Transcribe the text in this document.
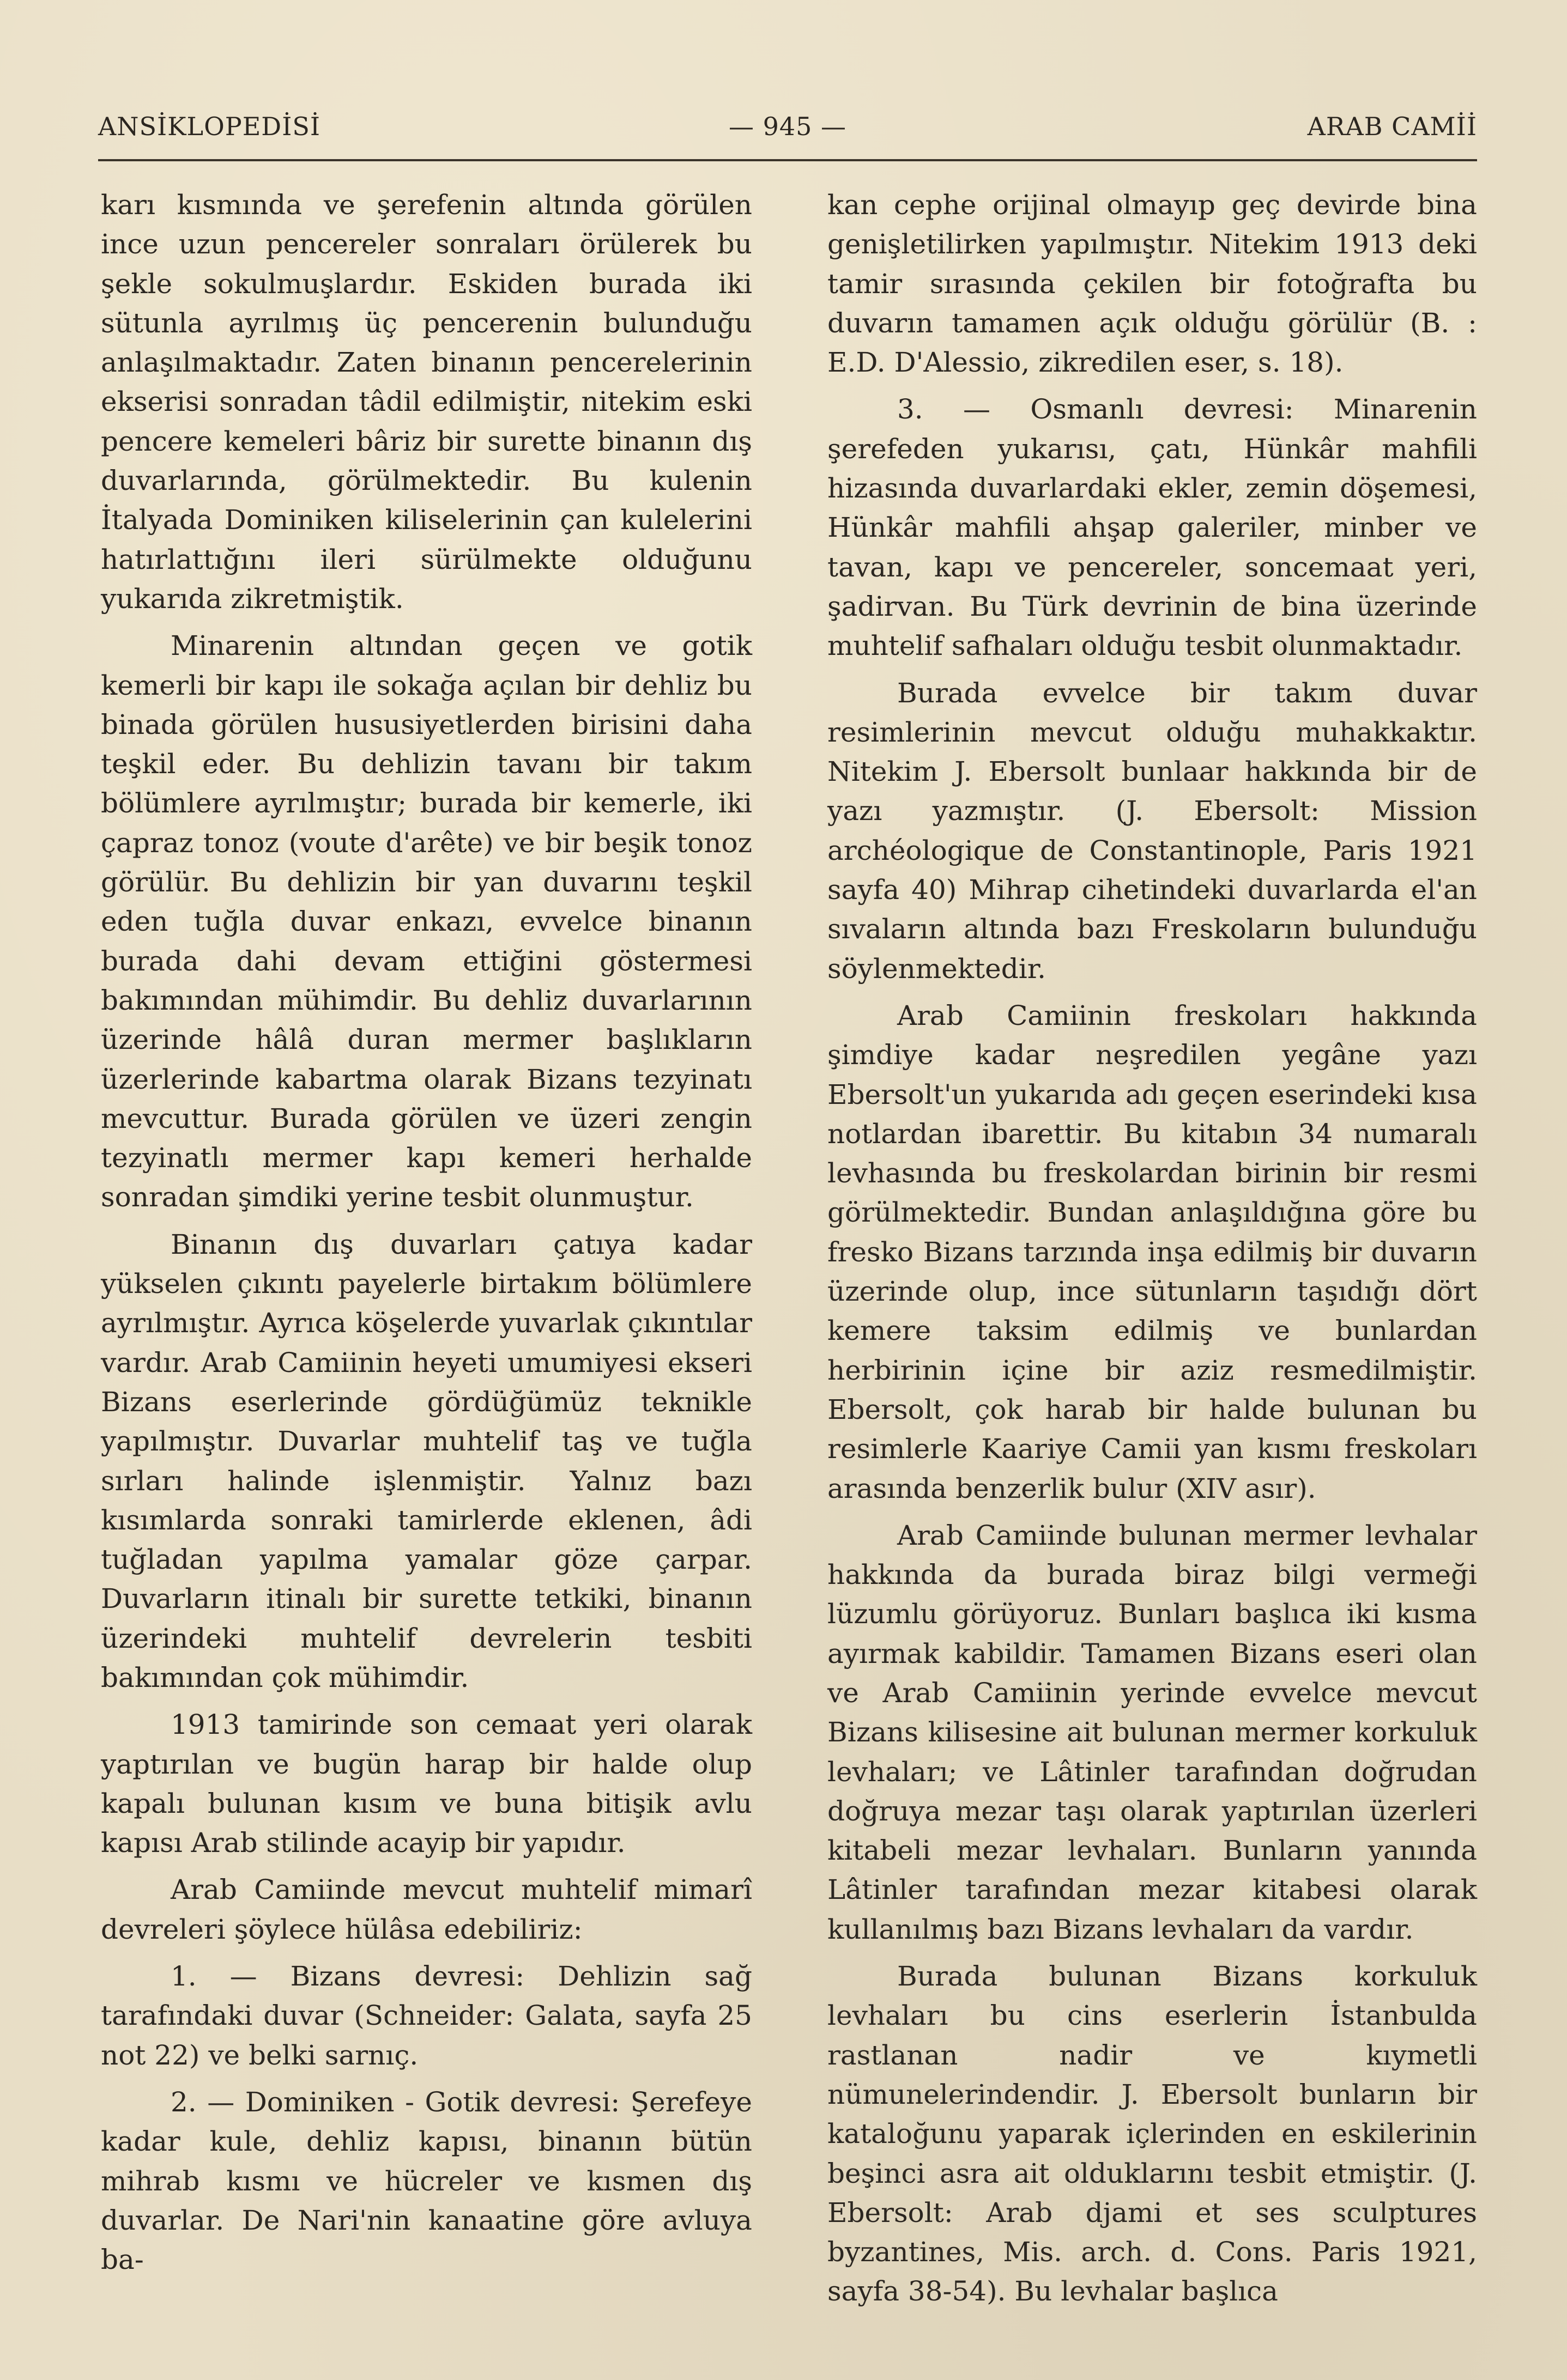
ANSİKLOPEDİSİ	— 945 —	ARAB CAMİİ

karı kısmında ve şerefenin altında görülen ince uzun pencereler sonraları örülerek bu şekle sokulmuşlardır. Eskiden burada iki sütunla ayrılmış üç pencerenin bulunduğu anlaşılmaktadır. Zaten binanın pencerelerinin ekserisi sonradan tâdil edilmiştir, nitekim eski pencere kemeleri bâriz bir surette binanın dış duvarlarında, görülmektedir. Bu kulenin İtalyada Dominiken kiliselerinin çan kulelerini hatırlattığını ileri sürülmekte olduğunu yukarıda zikretmiştik.

Minarenin altından geçen ve gotik kemerli bir kapı ile sokağa açılan bir dehliz bu binada görülen hususiyetlerden birisini daha teşkil eder. Bu dehlizin tavanı bir takım bölümlere ayrılmıştır; burada bir kemerle, iki çapraz tonoz (voute d'arête) ve bir beşik tonoz görülür. Bu dehlizin bir yan duvarını teşkil eden tuğla duvar enkazı, evvelce binanın burada dahi devam ettiğini göstermesi bakımından mühimdir. Bu dehliz duvarlarının üzerinde hâlâ duran mermer başlıkların üzerlerinde kabartma olarak Bizans tezyinatı mevcuttur. Burada görülen ve üzeri zengin tezyinatlı mermer kapı kemeri herhalde sonradan şimdiki yerine tesbit olunmuştur.

Binanın dış duvarları çatıya kadar yükselen çıkıntı payelerle birtakım bölümlere ayrılmıştır. Ayrıca köşelerde yuvarlak çıkıntılar vardır. Arab Camiinin heyeti umumiyesi ekseri Bizans eserlerinde gördüğümüz teknikle yapılmıştır. Duvarlar muhtelif taş ve tuğla sırları halinde işlenmiştir. Yalnız bazı kısımlarda sonraki tamirlerde eklenen, âdi tuğladan yapılma yamalar göze çarpar. Duvarların itinalı bir surette tetkiki, binanın üzerindeki muhtelif devrelerin tesbiti bakımından çok mühimdir.

1913 tamirinde son cemaat yeri olarak yaptırılan ve bugün harap bir halde olup kapalı bulunan kısım ve buna bitişik avlu kapısı Arab stilinde acayip bir yapıdır.

Arab Camiinde mevcut muhtelif mimarî devreleri şöylece hülâsa edebiliriz:

1. — Bizans devresi: Dehlizin sağ tarafındaki duvar (Schneider: Galata, sayfa 25 not 22) ve belki sarnıç.

2. — Dominiken - Gotik devresi: Şerefeye kadar kule, dehliz kapısı, binanın bütün mihrab kısmı ve hücreler ve kısmen dış duvarlar. De Nari'nin kanaatine göre avluya ba-

kan cephe orijinal olmayıp geç devirde bina genişletilirken yapılmıştır. Nitekim 1913 deki tamir sırasında çekilen bir fotoğrafta bu duvarın tamamen açık olduğu görülür (B. : E.D. D'Alessio, zikredilen eser, s. 18).

3. — Osmanlı devresi: Minarenin şerefeden yukarısı, çatı, Hünkâr mahfili hizasında duvarlardaki ekler, zemin döşemesi, Hünkâr mahfili ahşap galeriler, minber ve tavan, kapı ve pencereler, soncemaat yeri, şadirvan. Bu Türk devrinin de bina üzerinde muhtelif safhaları olduğu tesbit olunmaktadır.

Burada evvelce bir takım duvar resimlerinin mevcut olduğu muhakkaktır. Nitekim J. Ebersolt bunlaar hakkında bir de yazı yazmıştır. (J. Ebersolt: Mission archéologique de Constantinople, Paris 1921 sayfa 40) Mihrap cihetindeki duvarlarda el'an sıvaların altında bazı Freskoların bulunduğu söylenmektedir.

Arab Camiinin freskoları hakkında şimdiye kadar neşredilen yegâne yazı Ebersolt'un yukarıda adı geçen eserindeki kısa notlardan ibarettir. Bu kitabın 34 numaralı levhasında bu freskolardan birinin bir resmi görülmektedir. Bundan anlaşıldığına göre bu fresko Bizans tarzında inşa edilmiş bir duvarın üzerinde olup, ince sütunların taşıdığı dört kemere taksim edilmiş ve bunlardan herbirinin içine bir aziz resmedilmiştir. Ebersolt, çok harab bir halde bulunan bu resimlerle Kaariye Camii yan kısmı freskoları arasında benzerlik bulur (XIV asır).

Arab Camiinde bulunan mermer levhalar hakkında da burada biraz bilgi vermeği lüzumlu görüyoruz. Bunları başlıca iki kısma ayırmak kabildir. Tamamen Bizans eseri olan ve Arab Camiinin yerinde evvelce mevcut Bizans kilisesine ait bulunan mermer korkuluk levhaları; ve Lâtinler tarafından doğrudan doğruya mezar taşı olarak yaptırılan üzerleri kitabeli mezar levhaları. Bunların yanında Lâtinler tarafından mezar kitabesi olarak kullanılmış bazı Bizans levhaları da vardır.

Burada bulunan Bizans korkuluk levhaları bu cins eserlerin İstanbulda rastlanan nadir ve kıymetli nümunelerindendir. J. Ebersolt bunların bir kataloğunu yaparak içlerinden en eskilerinin beşinci asra ait olduklarını tesbit etmiştir. (J. Ebersolt: Arab djami et ses sculptures byzantines, Mis. arch. d. Cons. Paris 1921, sayfa 38-54). Bu levhalar başlıca
